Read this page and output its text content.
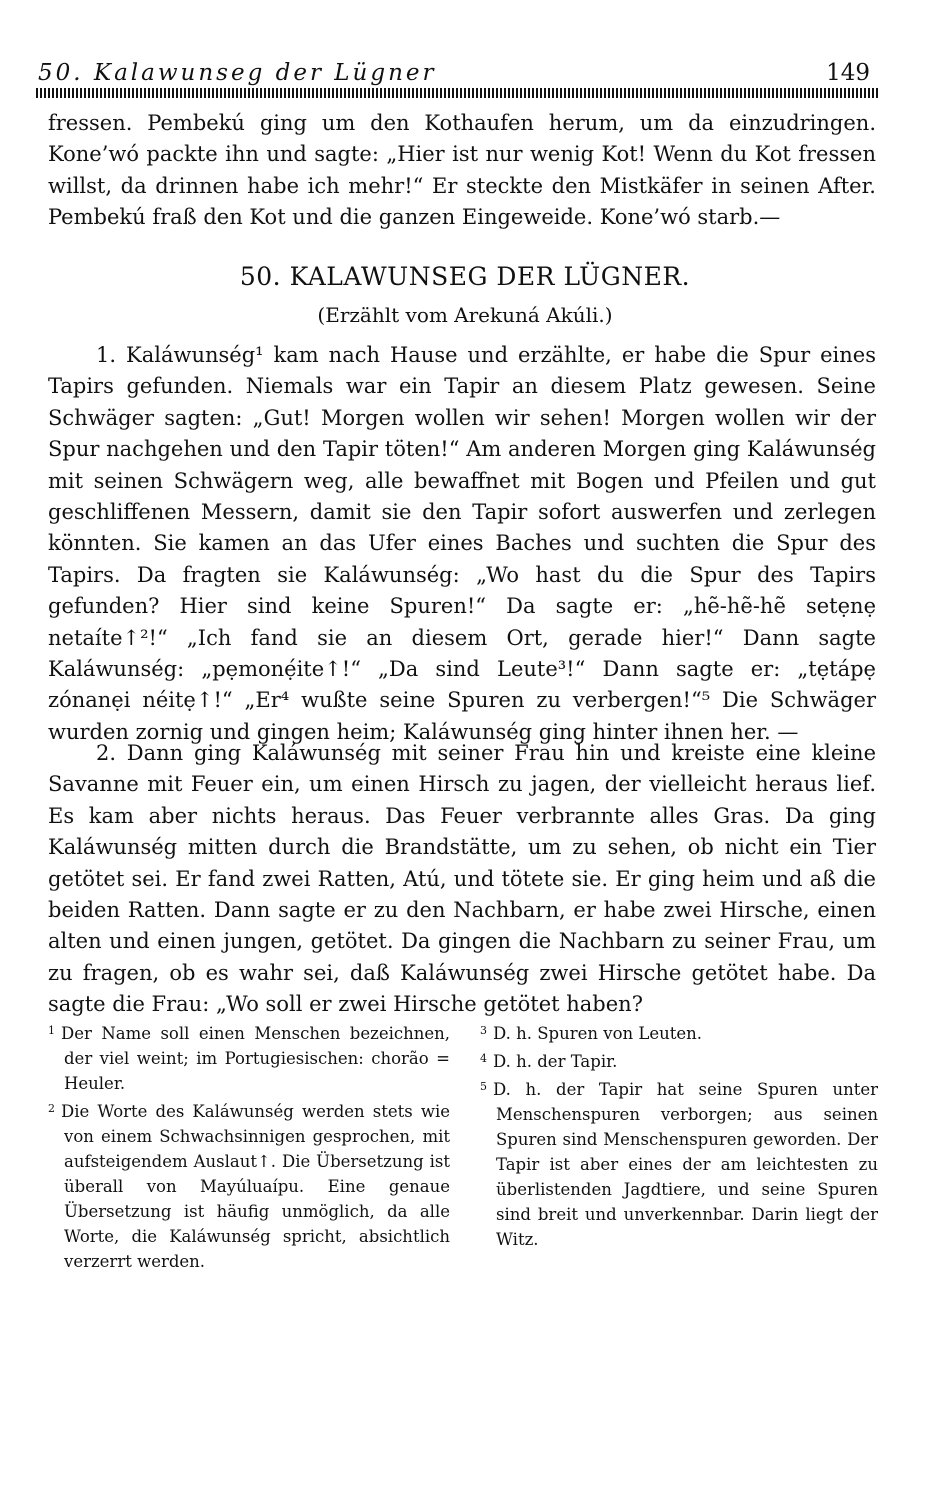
50. Kalawunseg der Lügner	149

fressen. Pembekú ging um den Kothaufen herum, um da einzudringen. Kone’wó packte ihn und sagte: „Hier ist nur wenig Kot! Wenn du Kot fressen willst, da drinnen habe ich mehr!“ Er steckte den Mistkäfer in seinen After. Pembekú fraß den Kot und die ganzen Eingeweide. Kone’wó starb.—

50. KALAWUNSEG DER LÜGNER.
(Erzählt vom Arekuná Akúli.)

1. Kaláwunség¹ kam nach Hause und erzählte, er habe die Spur eines Tapirs gefunden. Niemals war ein Tapir an diesem Platz gewesen. Seine Schwäger sagten: „Gut! Morgen wollen wir sehen! Morgen wollen wir der Spur nachgehen und den Tapir töten!“ Am anderen Morgen ging Kaláwunség mit seinen Schwägern weg, alle bewaffnet mit Bogen und Pfeilen und gut geschliffenen Messern, damit sie den Tapir sofort auswerfen und zerlegen könnten. Sie kamen an das Ufer eines Baches und suchten die Spur des Tapirs. Da fragten sie Kaláwunség: „Wo hast du die Spur des Tapirs gefunden? Hier sind keine Spuren!“ Da sagte er: „hẽ-hẽ-hẽ setẹnẹ netaíte↑²!“ „Ich fand sie an diesem Ort, gerade hier!“ Dann sagte Kaláwunség: „pẹmonẹ́ite↑!“ „Da sind Leute³!“ Dann sagte er: „tẹtápẹ zónanẹi néitẹ↑!“ „Er⁴ wußte seine Spuren zu verbergen!“⁵ Die Schwäger wurden zornig und gingen heim; Kaláwunség ging hinter ihnen her. —

2. Dann ging Kaláwunség mit seiner Frau hin und kreiste eine kleine Savanne mit Feuer ein, um einen Hirsch zu jagen, der vielleicht heraus lief. Es kam aber nichts heraus. Das Feuer verbrannte alles Gras. Da ging Kaláwunség mitten durch die Brandstätte, um zu sehen, ob nicht ein Tier getötet sei. Er fand zwei Ratten, Atú, und tötete sie. Er ging heim und aß die beiden Ratten. Dann sagte er zu den Nachbarn, er habe zwei Hirsche, einen alten und einen jungen, getötet. Da gingen die Nachbarn zu seiner Frau, um zu fragen, ob es wahr sei, daß Kaláwunség zwei Hirsche getötet habe. Da sagte die Frau: „Wo soll er zwei Hirsche getötet haben?

$^1$ Der Name soll einen Menschen bezeichnen, der viel weint; im Portugiesischen: chorão = Heuler.

$^2$ Die Worte des Kaláwunség werden stets wie von einem Schwachsinnigen gesprochen, mit aufsteigendem Auslaut↑. Die Übersetzung ist überall von Mayúluaípu. Eine genaue Übersetzung ist häufig unmöglich, da alle Worte, die Kaláwunség spricht, absichtlich verzerrt werden.

$^3$ D. h. Spuren von Leuten.

$^4$ D. h. der Tapir.

$^5$ D. h. der Tapir hat seine Spuren unter Menschenspuren verborgen; aus seinen Spuren sind Menschenspuren geworden. Der Tapir ist aber eines der am leichtesten zu überlistenden Jagdtiere, und seine Spuren sind breit und unverkennbar. Darin liegt der Witz.
